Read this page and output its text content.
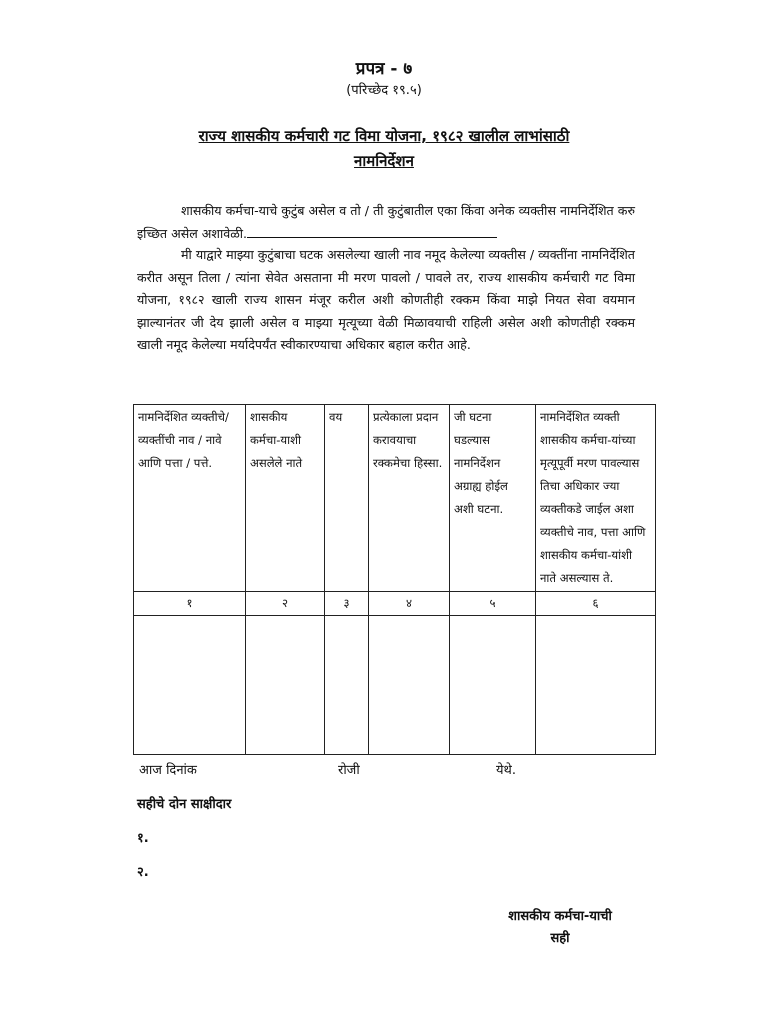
प्रपत्र - ७
(परिच्छेद १९.५)
राज्य शासकीय कर्मचारी गट विमा योजना, १९८२ खालील लाभांसाठी
नामनिर्देशन
शासकीय कर्मचा-याचे कुटुंब असेल व तो / ती कुटुंबातील एका किंवा अनेक व्यक्तीस नामनिर्देशित करु इच्छित असेल अशावेळी.
मी याद्वारे माझ्या कुटुंबाचा घटक असलेल्या खाली नाव नमूद केलेल्या व्यक्तीस / व्यक्तींना नामनिर्देशित करीत असून तिला / त्यांना सेवेत असताना मी मरण पावलो / पावले तर, राज्य शासकीय कर्मचारी गट विमा योजना, १९८२ खाली राज्य शासन मंजूर करील अशी कोणतीही रक्कम किंवा माझे नियत सेवा वयमान झाल्यानंतर जी देय झाली असेल व माझ्या मृत्यूच्या वेळी मिळावयाची राहिली असेल अशी कोणतीही रक्कम खाली नमूद केलेल्या मर्यादेपर्यंत स्वीकारण्याचा अधिकार बहाल करीत आहे.
नामनिर्देशित व्यक्तीचे/व्यक्तींची नाव / नावे आणि पत्ता / पत्ते.	शासकीय कर्मचा-याशी असलेले नाते	वय	प्रत्येकाला प्रदान करावयाचा रक्कमेचा हिस्सा.	जी घटना घडल्यास नामनिर्देशन अग्राह्य होईल अशी घटना.	नामनिर्देशित व्यक्ती शासकीय कर्मचा-यांच्या मृत्यूपूर्वी मरण पावल्यास तिचा अधिकार ज्या व्यक्तीकडे जाईल अशा व्यक्तीचे नाव, पत्ता आणि शासकीय कर्मचा-यांशी नाते असल्यास ते.
१	२	३	४	५	६

आज दिनांक	रोजी	येथे.
सहीचे दोन साक्षीदार
१.
२.
शासकीय कर्मचा-याची
सही
